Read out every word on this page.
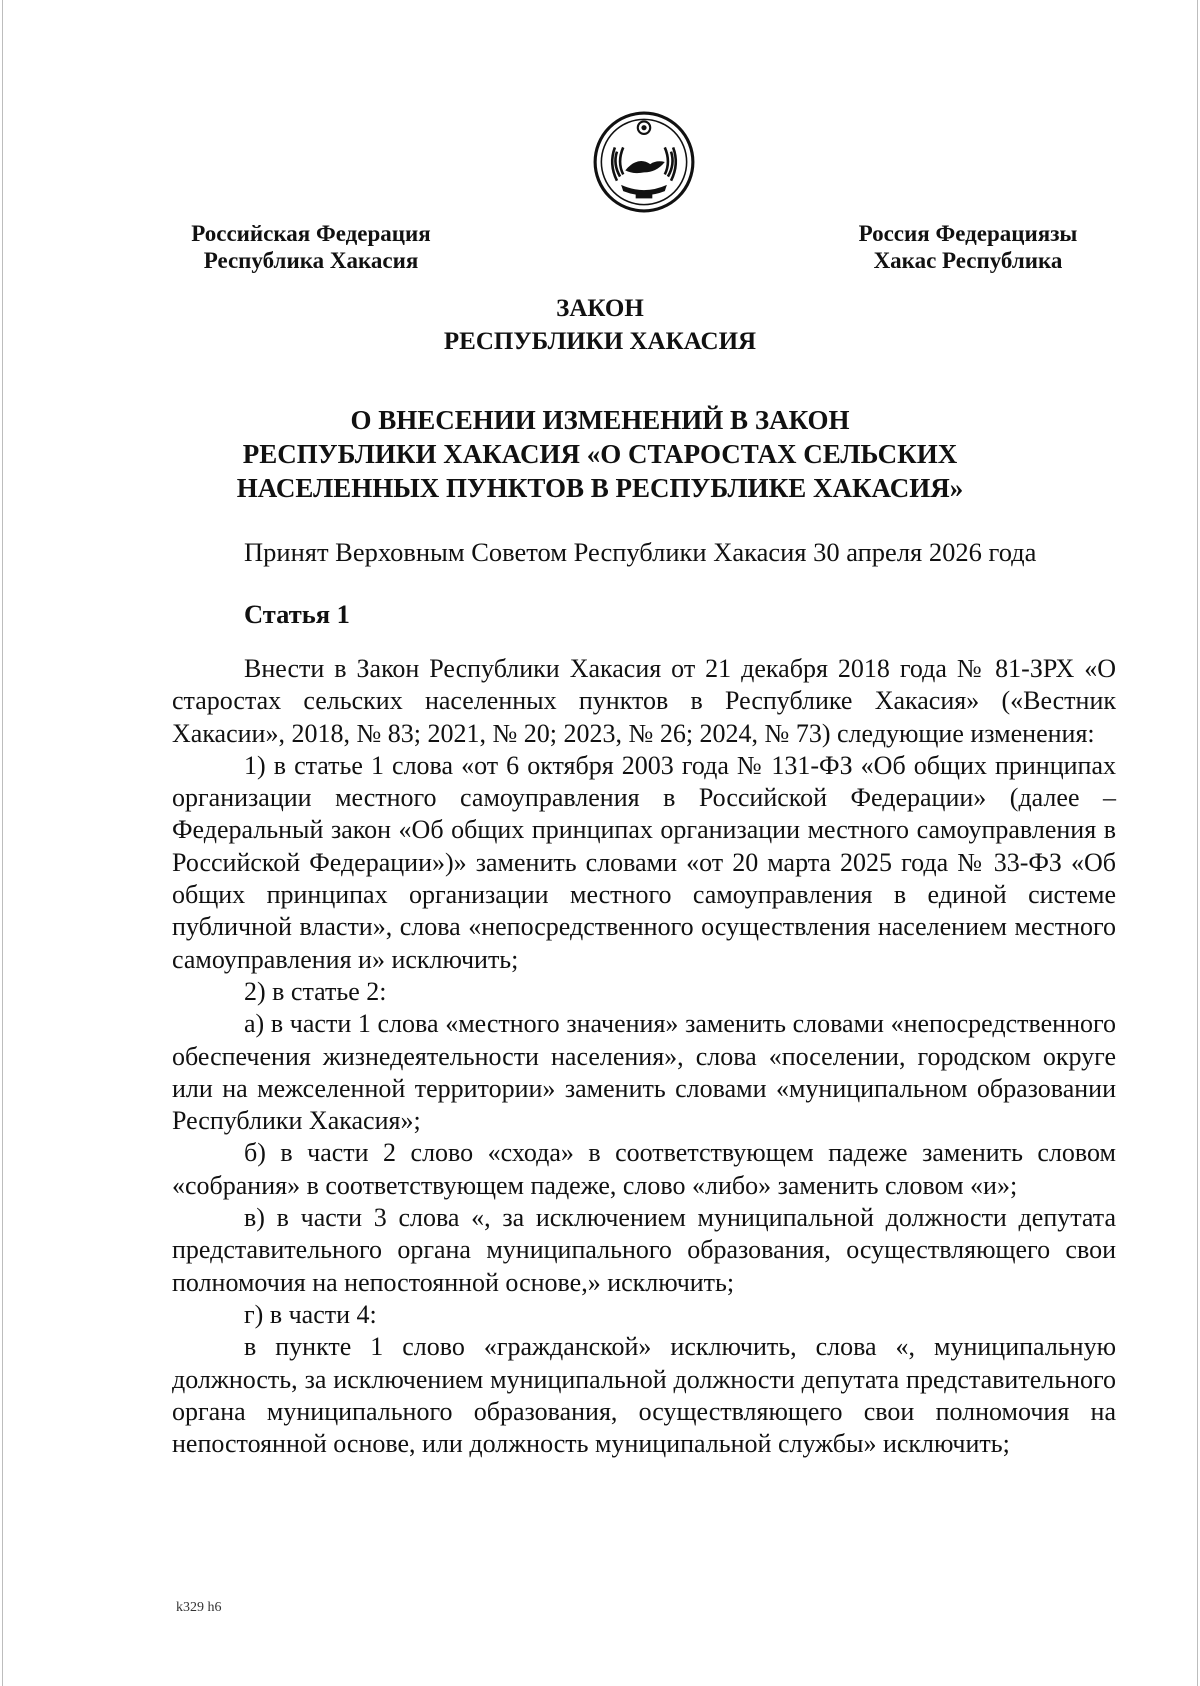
Российская Федерация
Республика Хакасия
Россия Федерациязы
Хакас Республика
ЗАКОН
РЕСПУБЛИКИ ХАКАСИЯ
О ВНЕСЕНИИ ИЗМЕНЕНИЙ В ЗАКОН
РЕСПУБЛИКИ ХАКАСИЯ «О СТАРОСТАХ СЕЛЬСКИХ
НАСЕЛЕННЫХ ПУНКТОВ В РЕСПУБЛИКЕ ХАКАСИЯ»
Принят Верховным Советом Республики Хакасия 30 апреля 2026 года
Статья 1

Внести в Закон Республики Хакасия от 21 декабря 2018 года № 81-ЗРХ «О старостах сельских населенных пунктов в Республике Хакасия» («Вестник Хакасии», 2018, № 83; 2021, № 20; 2023, № 26; 2024, № 73) следующие изменения:

1) в статье 1 слова «от 6 октября 2003 года № 131-ФЗ «Об общих принципах организации местного самоуправления в Российской Федерации» (далее – Федеральный закон «Об общих принципах организации местного самоуправления в Российской Федерации»)» заменить словами «от 20 марта 2025 года № 33-ФЗ «Об общих принципах организации местного самоуправления в единой системе публичной власти», слова «непосредственного осуществления населением местного самоуправления и» исключить;

2) в статье 2:

а) в части 1 слова «местного значения» заменить словами «непосредственного обеспечения жизнедеятельности населения», слова «поселении, городском округе или на межселенной территории» заменить словами «муниципальном образовании Республики Хакасия»;

б) в части 2 слово «схода» в соответствующем падеже заменить словом «собрания» в соответствующем падеже, слово «либо» заменить словом «и»;

в) в части 3 слова «, за исключением муниципальной должности депутата представительного органа муниципального образования, осуществляющего свои полномочия на непостоянной основе,» исключить;

г) в части 4:

в пункте 1 слово «гражданской» исключить, слова «, муниципальную должность, за исключением муниципальной должности депутата представительного органа муниципального образования, осуществляющего свои полномочия на непостоянной основе, или должность муниципальной службы» исключить;

k329 h6
